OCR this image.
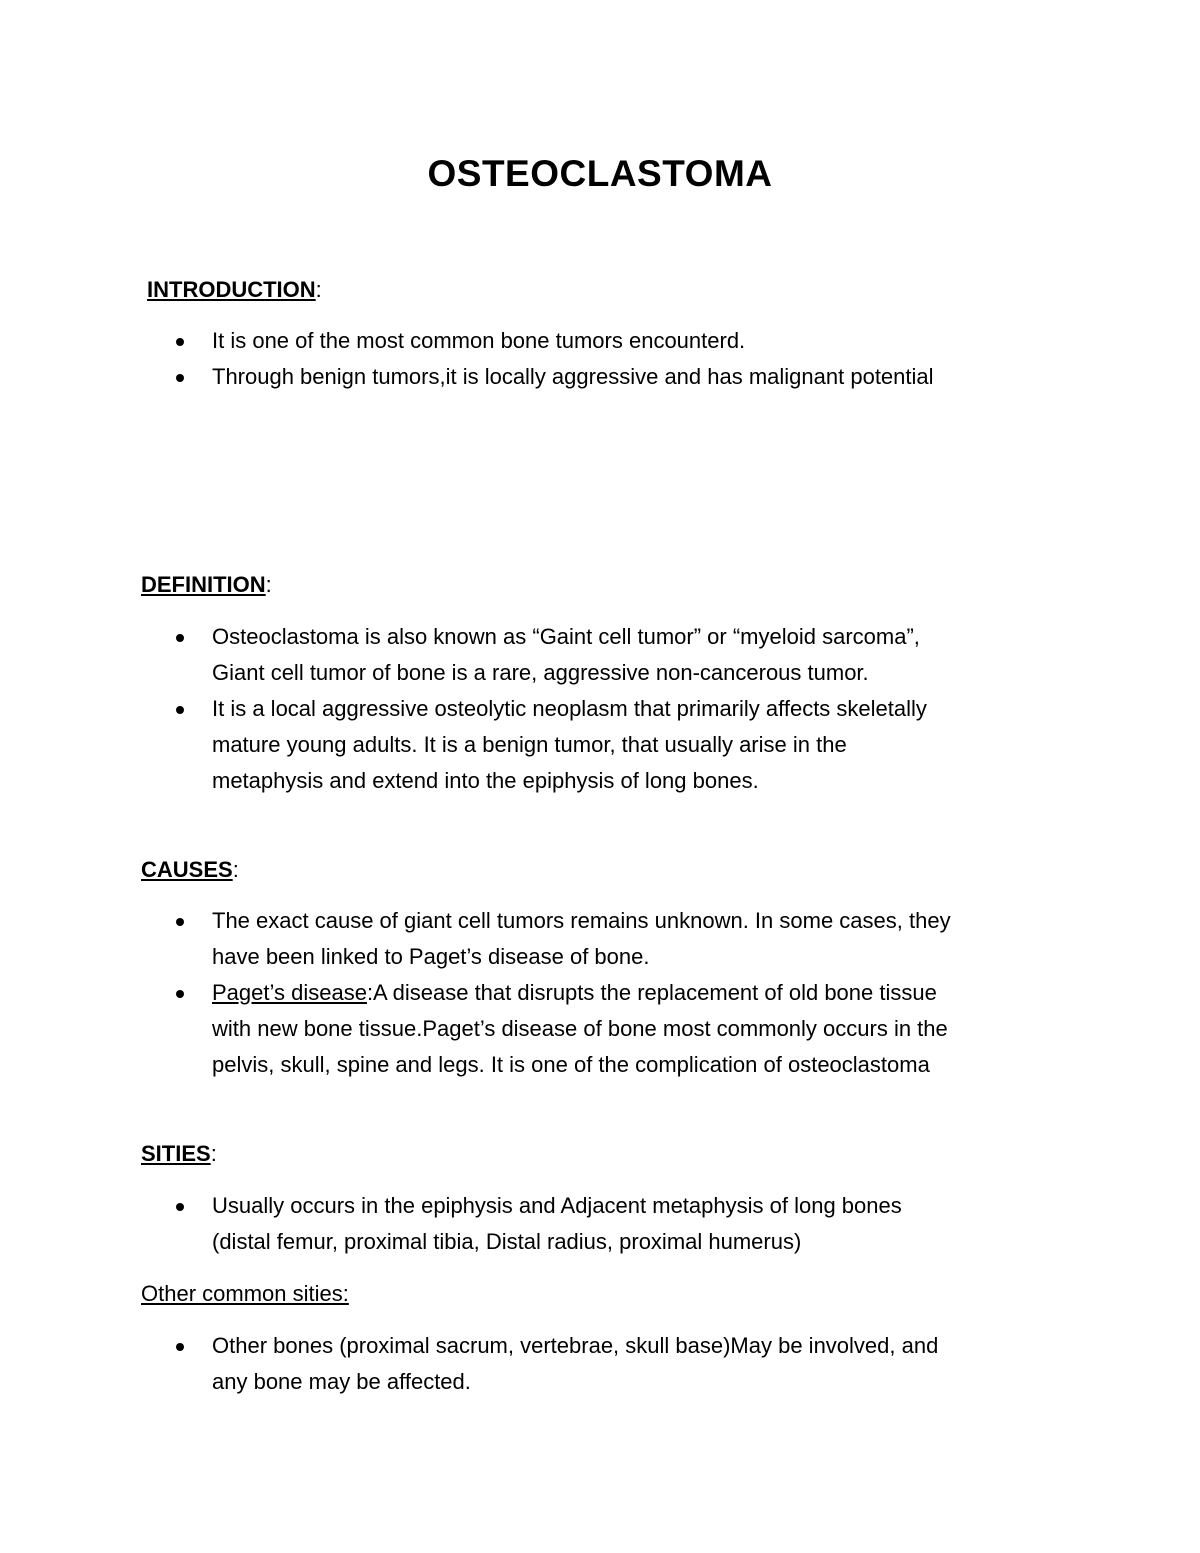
OSTEOCLASTOMA
INTRODUCTION:
It is one of the most common bone tumors encounterd.
Through benign tumors,it is locally aggressive and has malignant potential
DEFINITION:
Osteoclastoma is also known as “Gaint cell tumor” or “myeloid sarcoma”,
Giant cell tumor of bone is a rare, aggressive non-cancerous tumor.
It is a local aggressive osteolytic neoplasm that primarily affects skeletally
mature young adults. It is a benign tumor, that usually arise in the
metaphysis and extend into the epiphysis of long bones.
CAUSES:
The exact cause of giant cell tumors remains unknown. In some cases, they
have been linked to Paget’s disease of bone.
Paget’s disease:A disease that disrupts the replacement of old bone tissue
with new bone tissue.Paget’s disease of bone most commonly occurs in the
pelvis, skull, spine and legs. It is one of the complication of osteoclastoma
SITIES:
Usually occurs in the epiphysis and Adjacent metaphysis of long bones
(distal femur, proximal tibia, Distal radius, proximal humerus)
Other common sities:
Other bones (proximal sacrum, vertebrae, skull base)May be involved, and
any bone may be affected.
